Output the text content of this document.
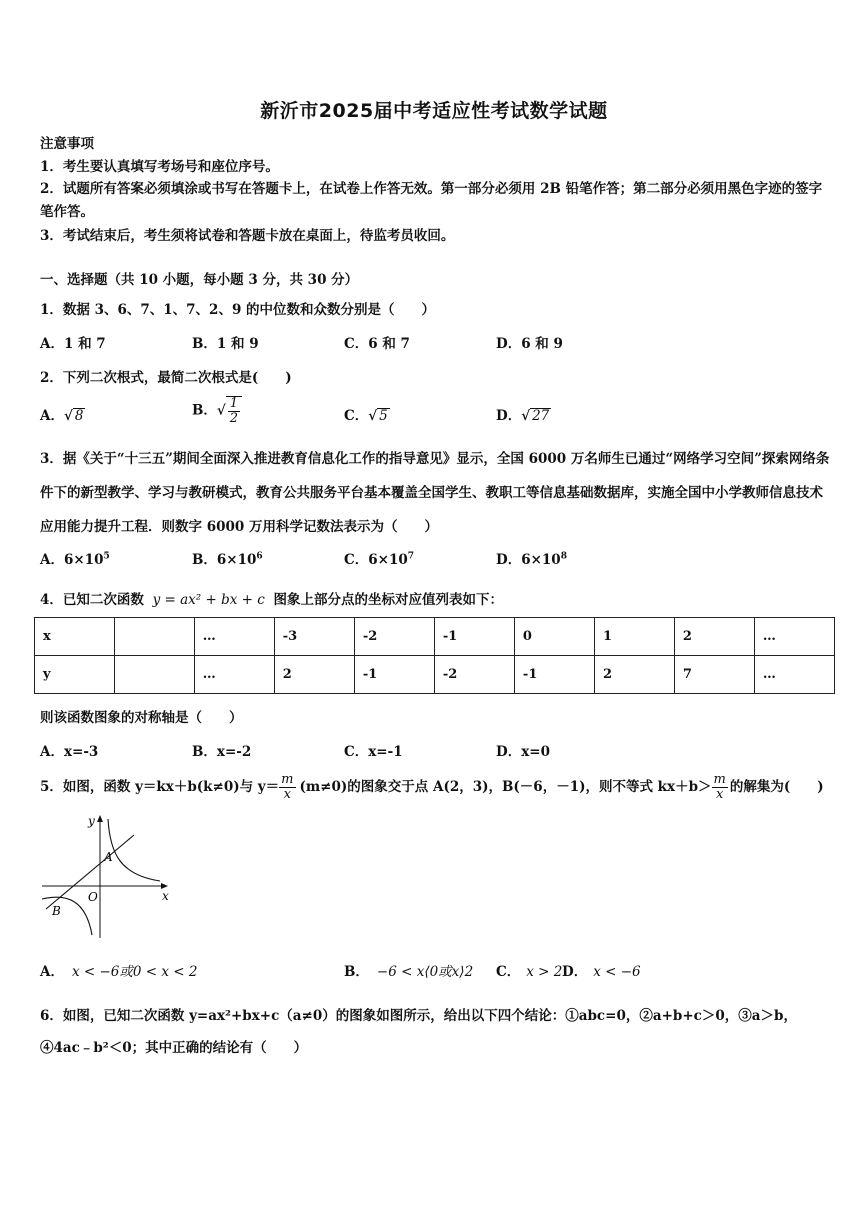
新沂市2025届中考适应性考试数学试题
注意事项
1．考生要认真填写考场号和座位序号。
2．试题所有答案必须填涂或书写在答题卡上，在试卷上作答无效。第一部分必须用 2B 铅笔作答；第二部分必须用黑色字迹的签字笔作答。
3．考试结束后，考生须将试卷和答题卡放在桌面上，待监考员收回。
一、选择题（共 10 小题，每小题 3 分，共 30 分）
1．数据 3、6、7、1、7、2、9 的中位数和众数分别是（　　）
A．1 和 7	B．1 和 9	C．6 和 7	D．6 和 9
2．下列二次根式，最简二次根式是(　　)
A．√ 8	B．√ $\frac{1}{2}$	C．√ 5	D．√ 27
3．据《关于“十三五”期间全面深入推进教育信息化工作的指导意见》显示，全国 6000 万名师生已通过“网络学习空间”探索网络条件下的新型教学、学习与教研模式，教育公共服务平台基本覆盖全国学生、教职工等信息基础数据库，实施全国中小学教师信息技术应用能力提升工程．则数字 6000 万用科学记数法表示为（　　）
A．$6\times 10^5$	B．$6\times 10^6$	C．$6\times 10^7$	D．$6\times 10^8$
4．已知二次函数 y = ax² + bx + c 图象上部分点的坐标对应值列表如下：
x		…	-3	-2	-1	0	1	2	…
y		…	2	-1	-2	-1	2	7	…
则该函数图象的对称轴是（　　）
A．x=-3	B．x=-2	C．x=-1	D．x=0
5．如图，函数 y＝kx＋b(k≠0)与 $y= \frac{m}{x} (m\ne 0)$的图象交于点 A(2，3)，B(－6，－1)，则不等式 $kx+b> \frac{m}{x}$ 的解集为(　　)
y
x
O
A
B
A． x < −6或0 < x < 2	B． −6 < x⟨0或x⟩2 C． x > 2 D． x < −6
6．如图，已知二次函数 y=ax²+bx+c（a≠0）的图象如图所示，给出以下四个结论：①abc=0，②a+b+c＞0，③a＞b，④4ac﹣b²＜0；其中正确的结论有（　　）
